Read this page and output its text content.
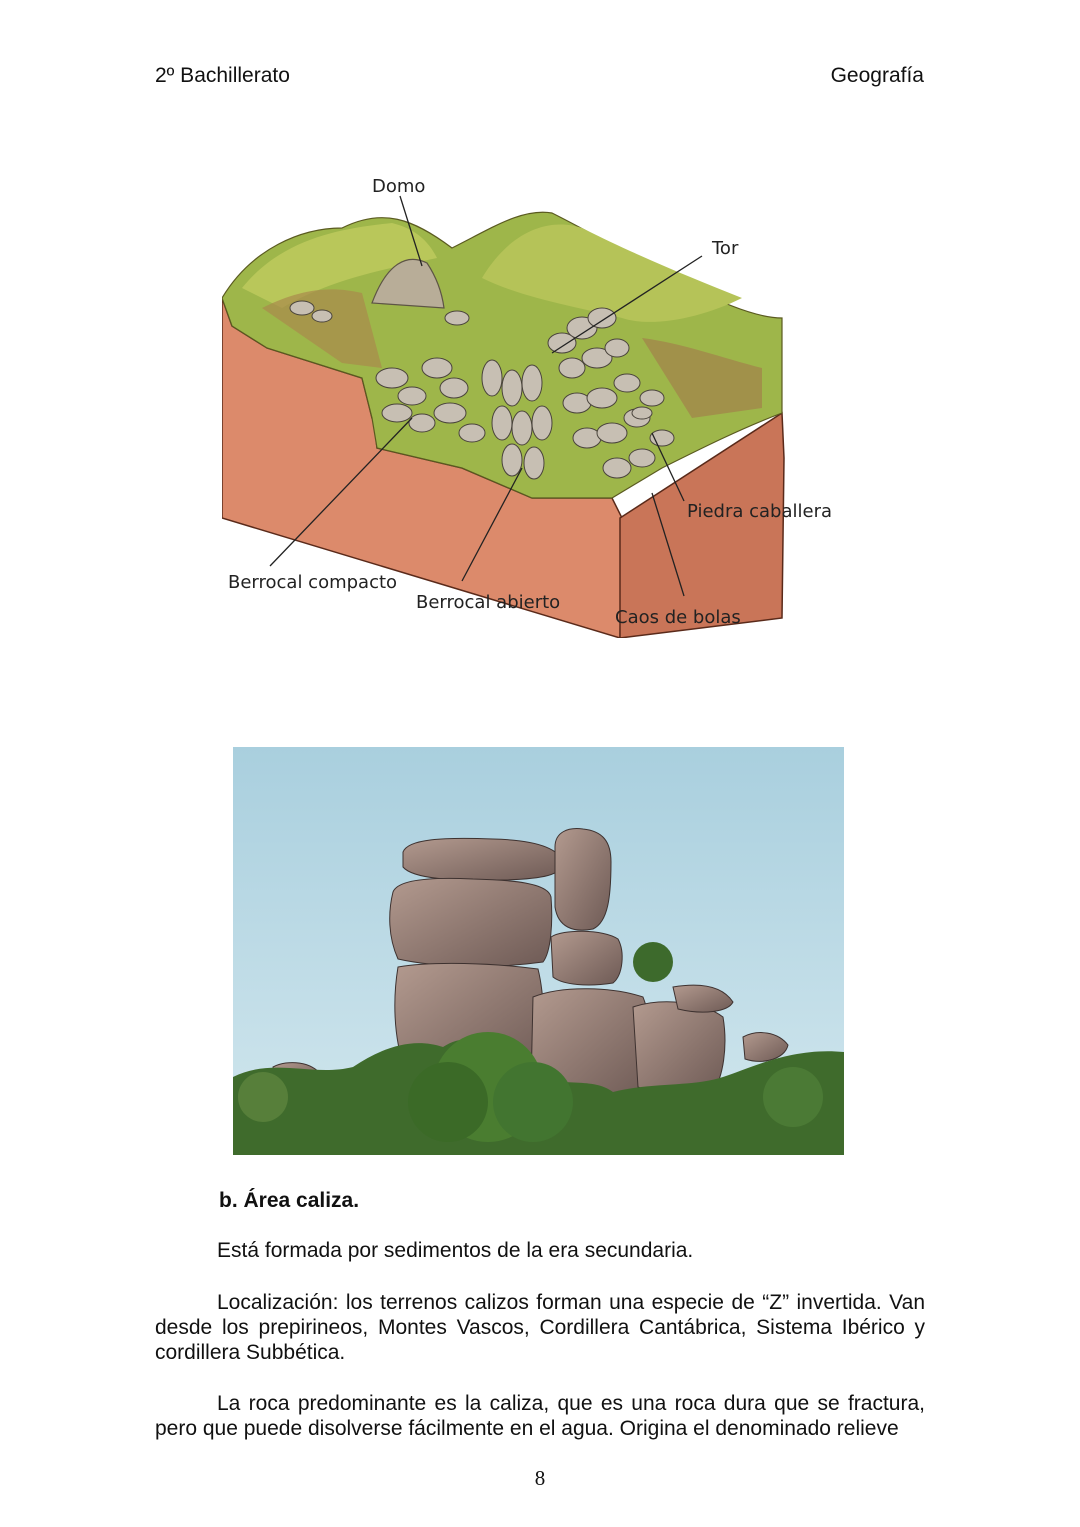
2º Bachillerato	Geografía
Domo
Tor
Piedra caballera
Berrocal compacto
Berrocal abierto
Caos de bolas
b. Área caliza.

Está formada por sedimentos de la era secundaria.

Localización: los terrenos calizos forman una especie de “Z” invertida. Van desde los prepirineos, Montes Vascos, Cordillera Cantábrica, Sistema Ibérico y cordillera Subbética.

La roca predominante es la caliza, que es una roca dura que se fractura, pero que puede disolverse fácilmente en el agua. Origina el denominado relieve

8
